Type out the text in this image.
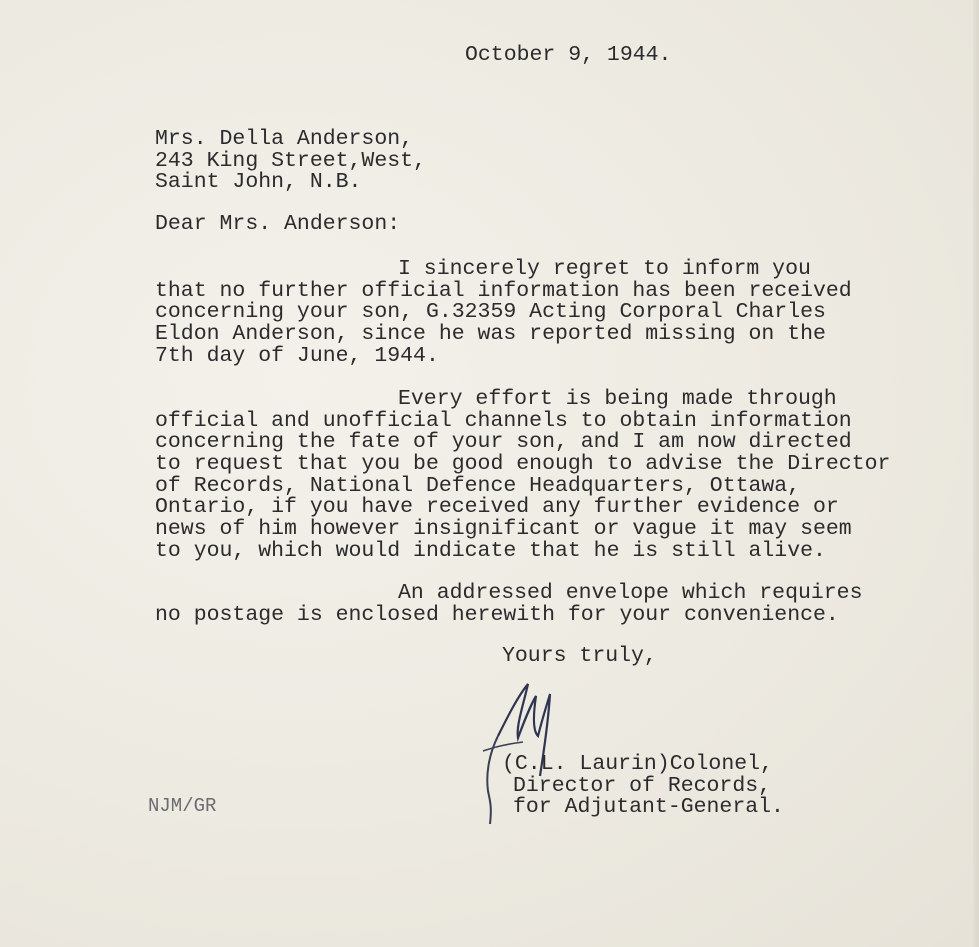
October 9, 1944.
Mrs. Della Anderson,
243 King Street,West,
Saint John, N.B.
Dear Mrs. Anderson:
I sincerely regret to inform you
that no further official information has been received
concerning your son, G.32359 Acting Corporal Charles
Eldon Anderson, since he was reported missing on the
7th day of June, 1944.
Every effort is being made through
official and unofficial channels to obtain information
concerning the fate of your son, and I am now directed
to request that you be good enough to advise the Director
of Records, National Defence Headquarters, Ottawa,
Ontario, if you have received any further evidence or
news of him however insignificant or vague it may seem
to you, which would indicate that he is still alive.
An addressed envelope which requires
no postage is enclosed herewith for your convenience.
Yours truly,
(C.L. Laurin)Colonel,
Director of Records,
for Adjutant-General.
NJM/GR
